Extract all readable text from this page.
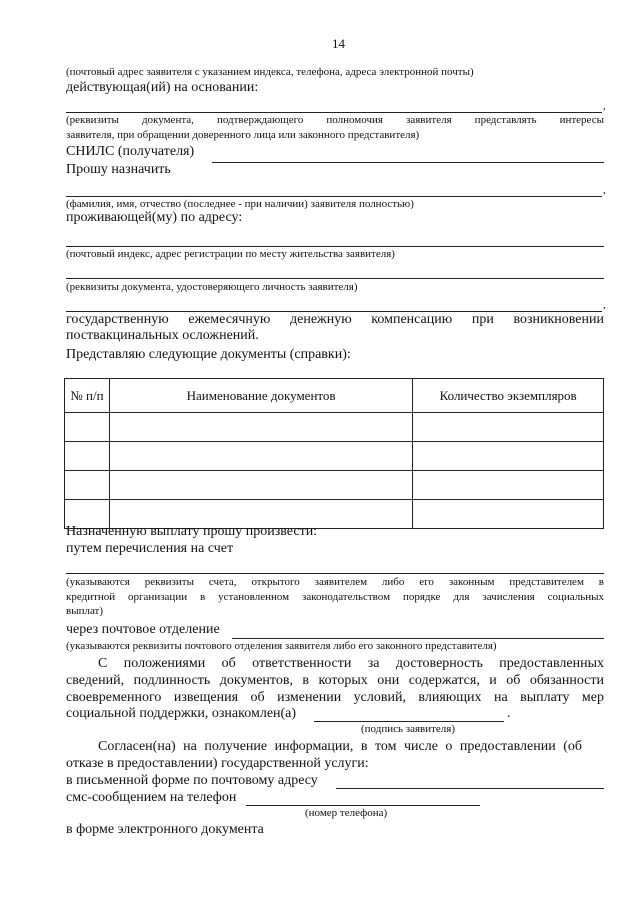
14
(почтовый адрес заявителя с указанием индекса, телефона, адреса электронной почты)
действующая(ий) на основании:
,
(реквизиты документа, подтверждающего полномочия заявителя представлять интересы
заявителя, при обращении доверенного лица или законного представителя)
СНИЛС (получателя)
Прошу назначить
,
(фамилия, имя, отчество (последнее - при наличии) заявителя полностью)
проживающей(му) по адресу:
(почтовый индекс, адрес регистрации по месту жительства заявителя)
(реквизиты документа, удостоверяющего личность заявителя)
,
государственную ежемесячную денежную компенсацию при возникновении
поствакцинальных осложнений.
Представляю следующие документы (справки):
№ п/п	Наименование документов	Количество экземпляров

Назначенную выплату прошу произвести:
путем перечисления на счет
(указываются реквизиты счета, открытого заявителем либо его законным представителем в
кредитной организации в установленном законодательством порядке для зачисления социальных
выплат)
через почтовое отделение
(указываются реквизиты почтового отделения заявителя либо его законного представителя)
С положениями об ответственности за достоверность предоставленных
сведений, подлинность документов, в которых они содержатся, и об обязанности
своевременного извещения об изменении условий, влияющих на выплату мер
социальной поддержки, ознакомлен(а)	.
(подпись заявителя)
Согласен(на) на получение информации, в том числе о предоставлении (об
отказе в предоставлении) государственной услуги:
в письменной форме по почтовому адресу
смс-сообщением на телефон
(номер телефона)
в форме электронного документа
